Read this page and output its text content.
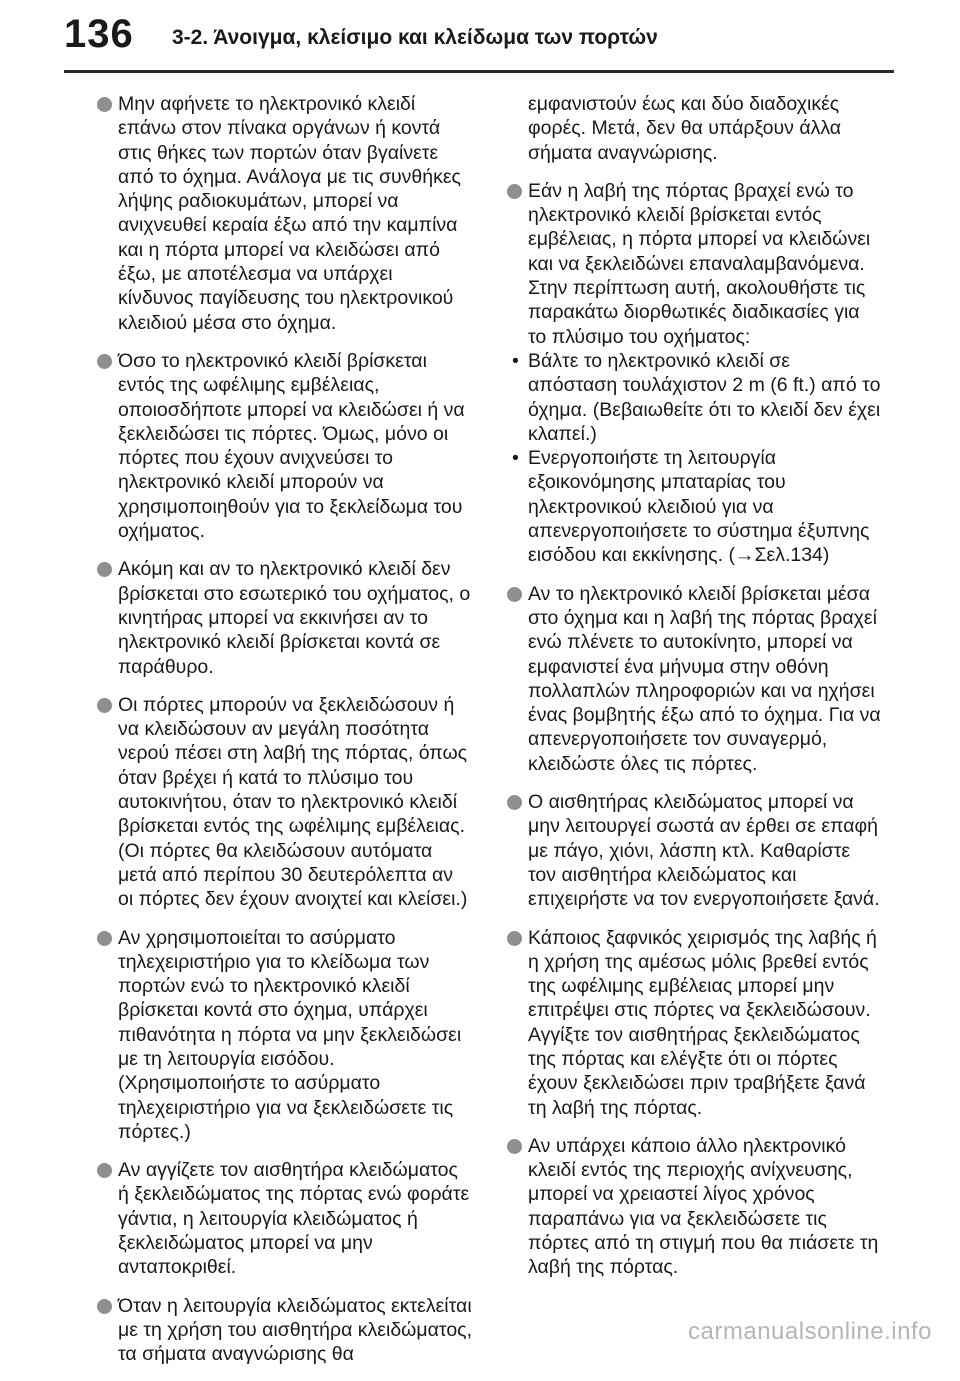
136 3-2. Άνοιγμα, κλείσιμο και κλείδωμα των πορτών
Μην αφήνετε το ηλεκτρονικό κλειδί επάνω στον πίνακα οργάνων ή κοντά στις θήκες των πορτών όταν βγαίνετε από το όχημα. Ανάλογα με τις συνθήκες λήψης ραδιοκυμάτων, μπορεί να ανιχνευθεί κεραία έξω από την καμπίνα και η πόρτα μπορεί να κλειδώσει από έξω, με αποτέλεσμα να υπάρχει κίνδυνος παγίδευσης του ηλεκτρονικού κλειδιού μέσα στο όχημα.
Όσο το ηλεκτρονικό κλειδί βρίσκεται εντός της ωφέλιμης εμβέλειας, οποιοσδήποτε μπορεί να κλειδώσει ή να ξεκλειδώσει τις πόρτες. Όμως, μόνο οι πόρτες που έχουν ανιχνεύσει το ηλεκτρονικό κλειδί μπορούν να χρησιμοποιηθούν για το ξεκλείδωμα του οχήματος.
Ακόμη και αν το ηλεκτρονικό κλειδί δεν βρίσκεται στο εσωτερικό του οχήματος, ο κινητήρας μπορεί να εκκινήσει αν το ηλεκτρονικό κλειδί βρίσκεται κοντά σε παράθυρο.
Οι πόρτες μπορούν να ξεκλειδώσουν ή να κλειδώσουν αν μεγάλη ποσότητα νερού πέσει στη λαβή της πόρτας, όπως όταν βρέχει ή κατά το πλύσιμο του αυτοκινήτου, όταν το ηλεκτρονικό κλειδί βρίσκεται εντός της ωφέλιμης εμβέλειας. (Οι πόρτες θα κλειδώσουν αυτόματα μετά από περίπου 30 δευτερόλεπτα αν οι πόρτες δεν έχουν ανοιχτεί και κλείσει.)
Αν χρησιμοποιείται το ασύρματο τηλεχειριστήριο για το κλείδωμα των πορτών ενώ το ηλεκτρονικό κλειδί βρίσκεται κοντά στο όχημα, υπάρχει πιθανότητα η πόρτα να μην ξεκλειδώσει με τη λειτουργία εισόδου. (Χρησιμοποιήστε το ασύρματο τηλεχειριστήριο για να ξεκλειδώσετε τις πόρτες.)
Αν αγγίζετε τον αισθητήρα κλειδώματος ή ξεκλειδώματος της πόρτας ενώ φοράτε γάντια, η λειτουργία κλειδώματος ή ξεκλειδώματος μπορεί να μην ανταποκριθεί.
Όταν η λειτουργία κλειδώματος εκτελείται με τη χρήση του αισθητήρα κλειδώματος, τα σήματα αναγνώρισης θα
εμφανιστούν έως και δύο διαδοχικές φορές. Μετά, δεν θα υπάρξουν άλλα σήματα αναγνώρισης.
Εάν η λαβή της πόρτας βραχεί ενώ το ηλεκτρονικό κλειδί βρίσκεται εντός εμβέλειας, η πόρτα μπορεί να κλειδώνει και να ξεκλειδώνει επαναλαμβανόμενα. Στην περίπτωση αυτή, ακολουθήστε τις παρακάτω διορθωτικές διαδικασίες για το πλύσιμο του οχήματος:
• Βάλτε το ηλεκτρονικό κλειδί σε απόσταση τουλάχιστον 2 m (6 ft.) από το όχημα. (Βεβαιωθείτε ότι το κλειδί δεν έχει κλαπεί.)
• Ενεργοποιήστε τη λειτουργία εξοικονόμησης μπαταρίας του ηλεκτρονικού κλειδιού για να απενεργοποιήσετε το σύστημα έξυπνης εισόδου και εκκίνησης. (→Σελ.134)
Αν το ηλεκτρονικό κλειδί βρίσκεται μέσα στο όχημα και η λαβή της πόρτας βραχεί ενώ πλένετε το αυτοκίνητο, μπορεί να εμφανιστεί ένα μήνυμα στην οθόνη πολλαπλών πληροφοριών και να ηχήσει ένας βομβητής έξω από το όχημα. Για να απενεργοποιήσετε τον συναγερμό, κλειδώστε όλες τις πόρτες.
Ο αισθητήρας κλειδώματος μπορεί να μην λειτουργεί σωστά αν έρθει σε επαφή με πάγο, χιόνι, λάσπη κτλ. Καθαρίστε τον αισθητήρα κλειδώματος και επιχειρήστε να τον ενεργοποιήσετε ξανά.
Κάποιος ξαφνικός χειρισμός της λαβής ή η χρήση της αμέσως μόλις βρεθεί εντός της ωφέλιμης εμβέλειας μπορεί μην επιτρέψει στις πόρτες να ξεκλειδώσουν. Αγγίξτε τον αισθητήρας ξεκλειδώματος της πόρτας και ελέγξτε ότι οι πόρτες έχουν ξεκλειδώσει πριν τραβήξετε ξανά τη λαβή της πόρτας.
Αν υπάρχει κάποιο άλλο ηλεκτρονικό κλειδί εντός της περιοχής ανίχνευσης, μπορεί να χρειαστεί λίγος χρόνος παραπάνω για να ξεκλειδώσετε τις πόρτες από τη στιγμή που θα πιάσετε τη λαβή της πόρτας.
carmanualsonline.info
